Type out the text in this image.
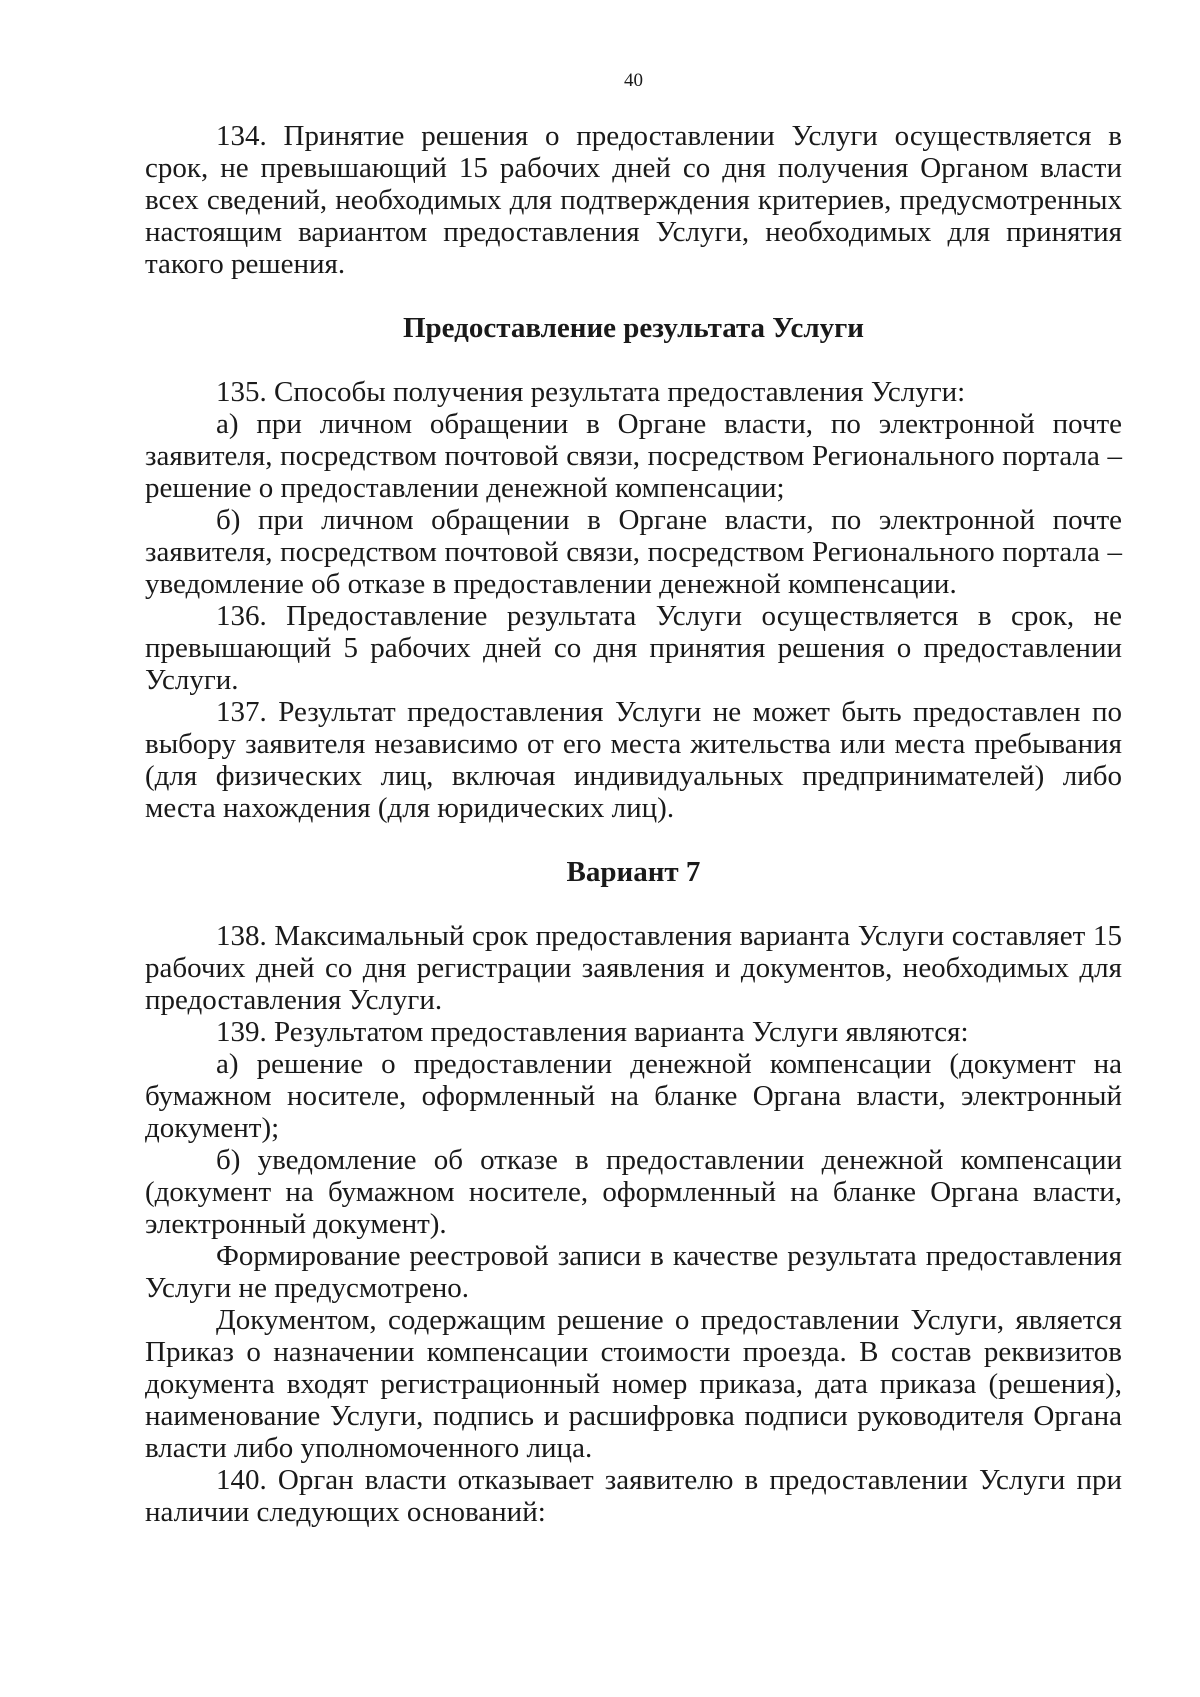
40

134. Принятие решения о предоставлении Услуги осуществляется в срок, не превышающий 15 рабочих дней со дня получения Органом власти всех сведений, необходимых для подтверждения критериев, предусмотренных настоящим вариантом предоставления Услуги, необходимых для принятия такого решения.

Предоставление результата Услуги

135. Способы получения результата предоставления Услуги:

а) при личном обращении в Органе власти, по электронной почте заявителя, посредством почтовой связи, посредством Регионального портала – решение о предоставлении денежной компенсации;

б) при личном обращении в Органе власти, по электронной почте заявителя, посредством почтовой связи, посредством Регионального портала – уведомление об отказе в предоставлении денежной компенсации.

136. Предоставление результата Услуги осуществляется в срок, не превышающий 5 рабочих дней со дня принятия решения о предоставлении Услуги.

137. Результат предоставления Услуги не может быть предоставлен по выбору заявителя независимо от его места жительства или места пребывания (для физических лиц, включая индивидуальных предпринимателей) либо места нахождения (для юридических лиц).

Вариант 7

138. Максимальный срок предоставления варианта Услуги составляет 15 рабочих дней со дня регистрации заявления и документов, необходимых для предоставления Услуги.

139. Результатом предоставления варианта Услуги являются:

а) решение о предоставлении денежной компенсации (документ на бумажном носителе, оформленный на бланке Органа власти, электронный документ);

б) уведомление об отказе в предоставлении денежной компенсации (документ на бумажном носителе, оформленный на бланке Органа власти, электронный документ).

Формирование реестровой записи в качестве результата предоставления Услуги не предусмотрено.

Документом, содержащим решение о предоставлении Услуги, является Приказ о назначении компенсации стоимости проезда. В состав реквизитов документа входят регистрационный номер приказа, дата приказа (решения), наименование Услуги, подпись и расшифровка подписи руководителя Органа власти либо уполномоченного лица.

140. Орган власти отказывает заявителю в предоставлении Услуги при наличии следующих оснований:
